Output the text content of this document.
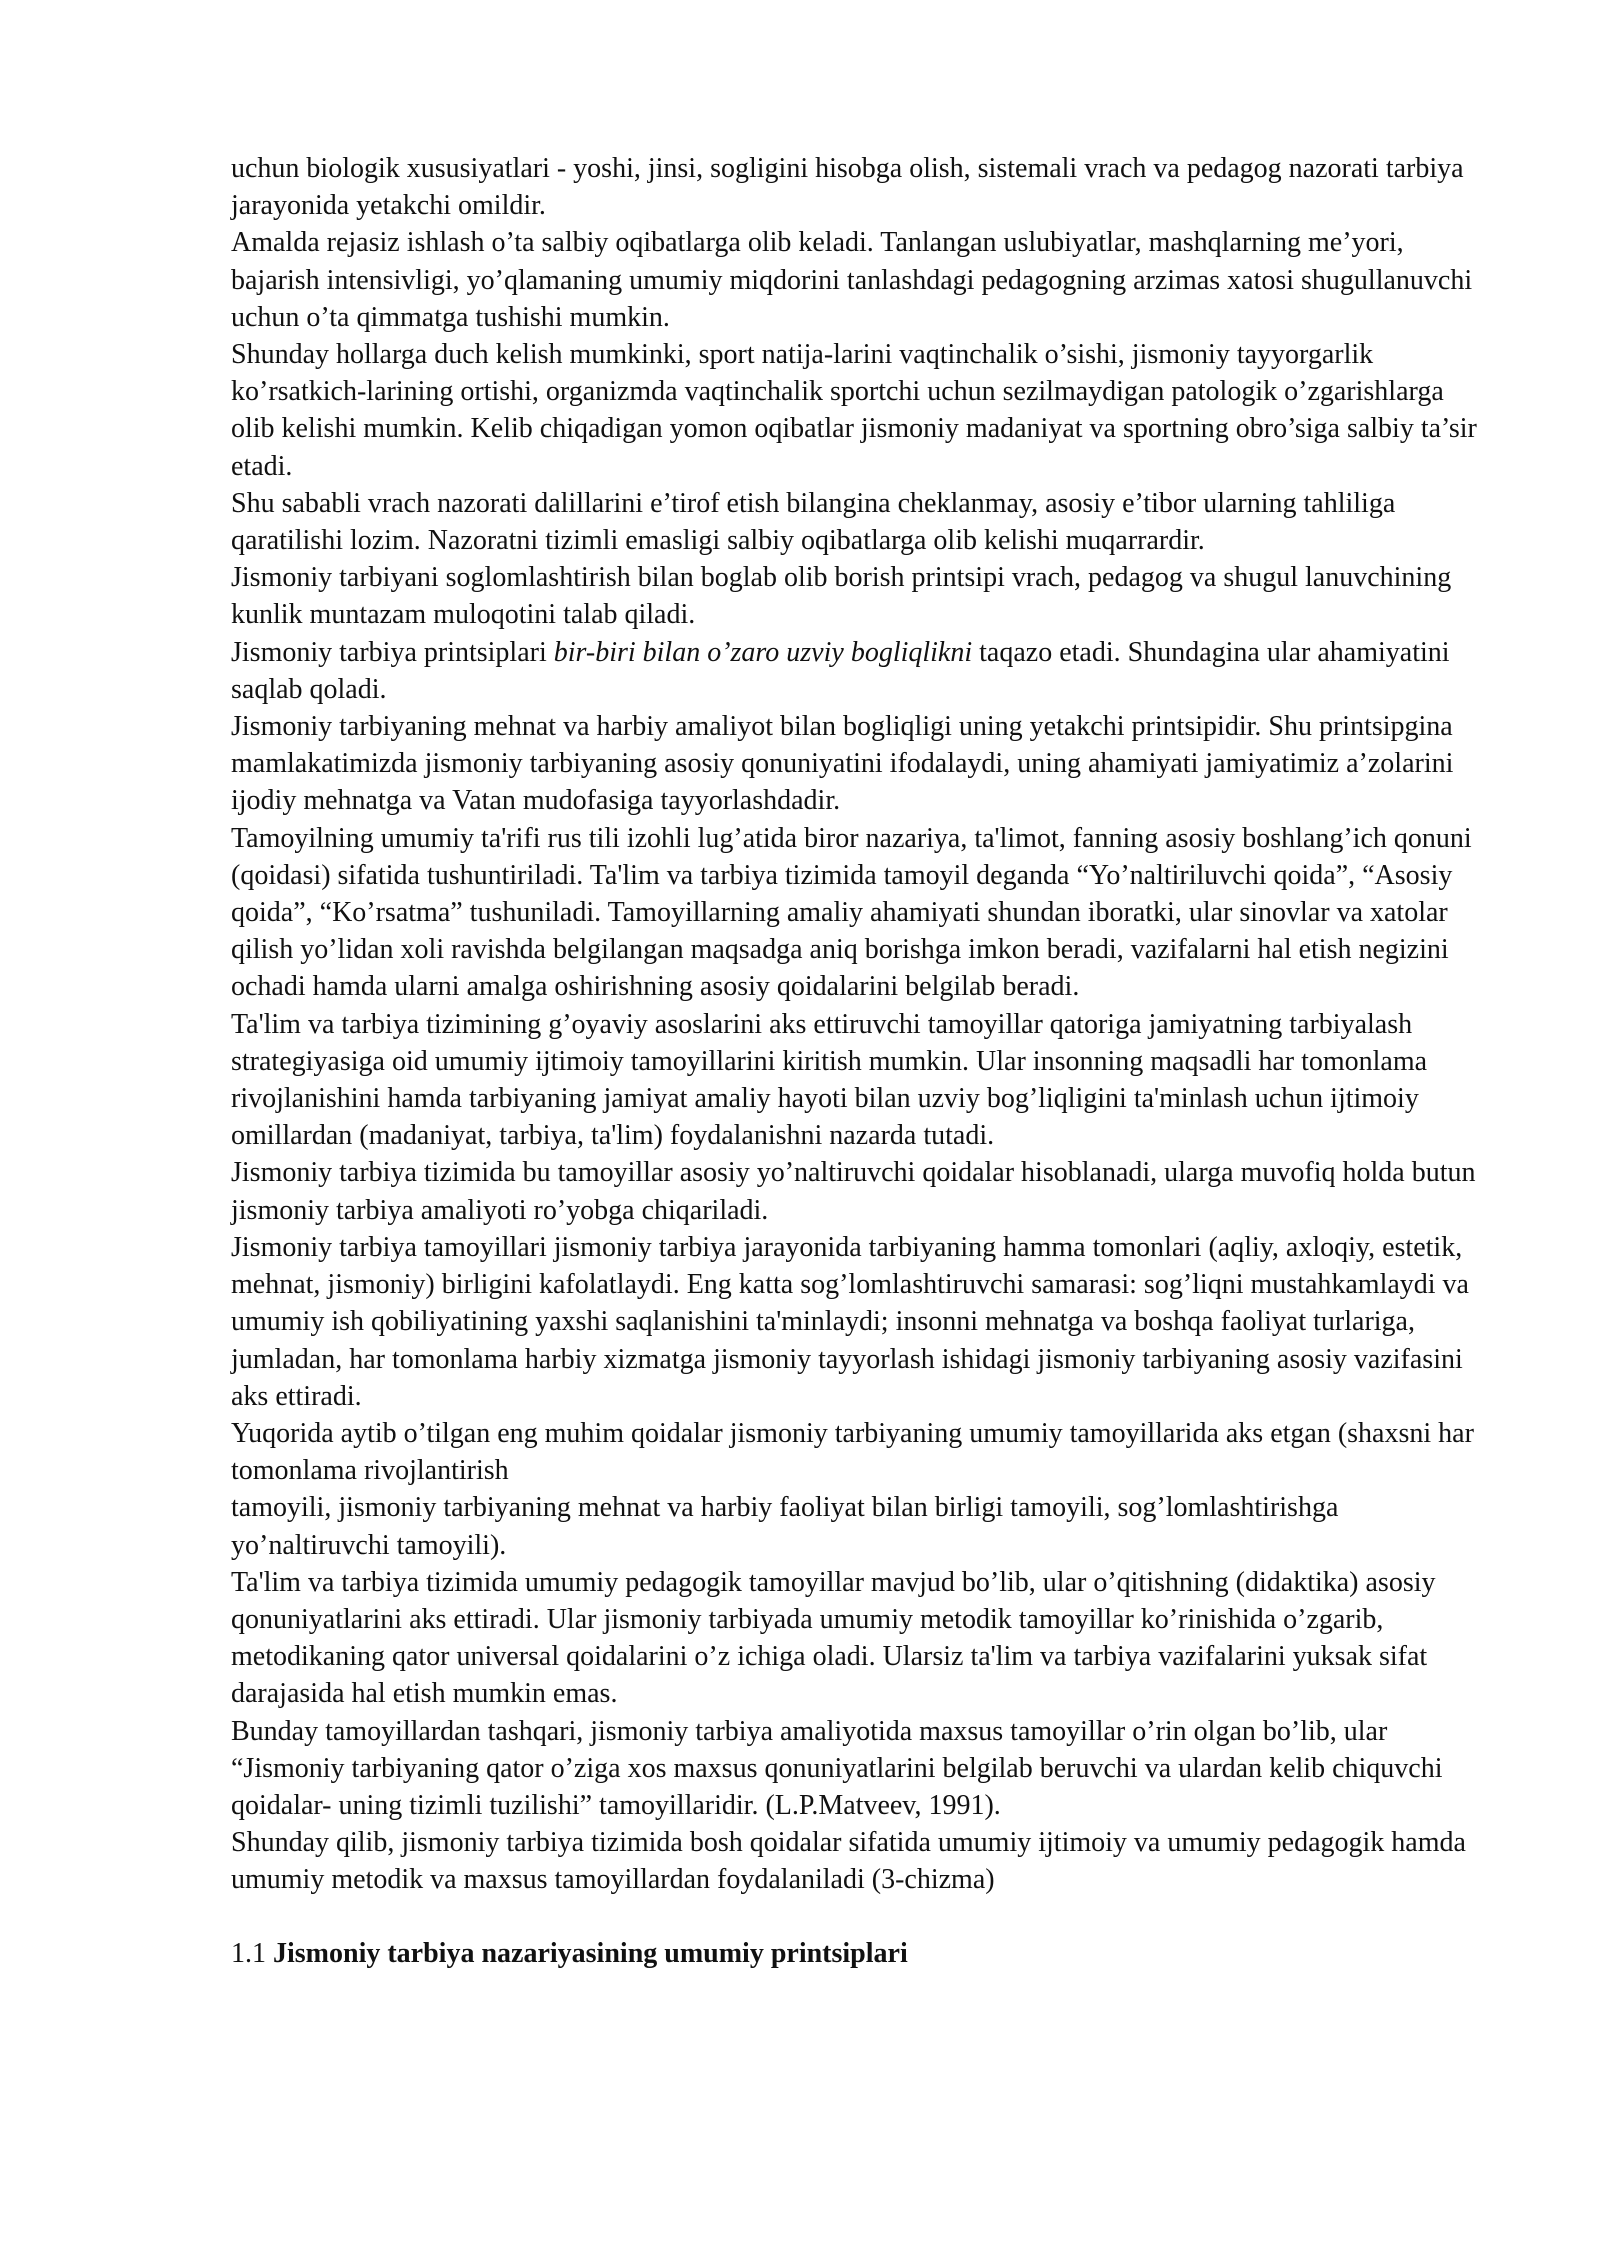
uchun biologik xususiyatlari - yoshi, jinsi, sogligini hisobga olish, sistemali vrach va pedagog nazorati tarbiya jarayonida yetakchi omildir.

Amalda rejasiz ishlash o’ta salbiy oqibatlarga olib keladi. Tanlangan uslubiyatlar, mashqlarning me’yori, bajarish intensivligi, yo’qlamaning umumiy miqdorini tanlashdagi pedagogning arzimas xatosi shugullanuvchi uchun o’ta qimmatga tushishi mumkin.

Shunday hollarga duch kelish mumkinki, sport natija-larini vaqtinchalik o’sishi, jismoniy tayyorgarlik ko’rsatkich-larining ortishi, organizmda vaqtinchalik sportchi uchun sezilmaydigan patologik o’zgarishlarga olib kelishi mumkin. Kelib chiqadigan yomon oqibatlar jismoniy madaniyat va sportning obro’siga salbiy ta’sir etadi.

Shu sababli vrach nazorati dalillarini e’tirof etish bilangina cheklanmay, asosiy e’tibor ularning tahliliga qaratilishi lozim. Nazoratni tizimli emasligi salbiy oqibatlarga olib kelishi muqarrardir.

Jismoniy tarbiyani soglomlashtirish bilan boglab olib borish printsipi vrach, pedagog va shugul lanuvchining kunlik muntazam muloqotini talab qiladi.

Jismoniy tarbiya printsiplari bir-biri bilan o’zaro uzviy bogliqlikni taqazo etadi. Shundagina ular ahamiyatini saqlab qoladi.

Jismoniy tarbiyaning mehnat va harbiy amaliyot bilan bogliqligi uning yetakchi printsipidir. Shu printsipgina mamlakatimizda jismoniy tarbiyaning asosiy qonuniyatini ifodalaydi, uning ahamiyati jamiyatimiz a’zolarini ijodiy mehnatga va Vatan mudofasiga tayyorlashdadir.

Tamoyilning umumiy ta'rifi rus tili izohli lug’atida biror nazariya, ta'limot, fanning asosiy boshlang’ich qonuni (qoidasi) sifatida tushuntiriladi. Ta'lim va tarbiya tizimida tamoyil deganda “Yo’naltiriluvchi qoida”, “Asosiy qoida”, “Ko’rsatma” tushuniladi. Tamoyillarning amaliy ahamiyati shundan iboratki, ular sinovlar va xatolar qilish yo’lidan xoli ravishda belgilangan maqsadga aniq borishga imkon beradi, vazifalarni hal etish negizini ochadi hamda ularni amalga oshirishning asosiy qoidalarini belgilab beradi.

Ta'lim va tarbiya tizimining g’oyaviy asoslarini aks ettiruvchi tamoyillar qatoriga jamiyatning tarbiyalash strategiyasiga oid umumiy ijtimoiy tamoyillarini kiritish mumkin. Ular insonning maqsadli har tomonlama rivojlanishini hamda tarbiyaning jamiyat amaliy hayoti bilan uzviy bog’liqligini ta'minlash uchun ijtimoiy omillardan (madaniyat, tarbiya, ta'lim) foydalanishni nazarda tutadi.

Jismoniy tarbiya tizimida bu tamoyillar asosiy yo’naltiruvchi qoidalar hisoblanadi, ularga muvofiq holda butun jismoniy tarbiya amaliyoti ro’yobga chiqariladi.

Jismoniy tarbiya tamoyillari jismoniy tarbiya jarayonida tarbiyaning hamma tomonlari (aqliy, axloqiy, estetik, mehnat, jismoniy) birligini kafolatlaydi. Eng katta sog’lomlashtiruvchi samarasi: sog’liqni mustahkamlaydi va umumiy ish qobiliyatining yaxshi saqlanishini ta'minlaydi; insonni mehnatga va boshqa faoliyat turlariga, jumladan, har tomonlama harbiy xizmatga jismoniy tayyorlash ishidagi jismoniy tarbiyaning asosiy vazifasini aks ettiradi.

Yuqorida aytib o’tilgan eng muhim qoidalar jismoniy tarbiyaning umumiy tamoyillarida aks etgan (shaxsni har tomonlama rivojlantirish

tamoyili, jismoniy tarbiyaning mehnat va harbiy faoliyat bilan birligi tamoyili, sog’lomlashtirishga yo’naltiruvchi tamoyili).

Ta'lim va tarbiya tizimida umumiy pedagogik tamoyillar mavjud bo’lib, ular o’qitishning (didaktika) asosiy qonuniyatlarini aks ettiradi. Ular jismoniy tarbiyada umumiy metodik tamoyillar ko’rinishida o’zgarib, metodikaning qator universal qoidalarini o’z ichiga oladi. Ularsiz ta'lim va tarbiya vazifalarini yuksak sifat darajasida hal etish mumkin emas.

Bunday tamoyillardan tashqari, jismoniy tarbiya amaliyotida maxsus tamoyillar o’rin olgan bo’lib, ular “Jismoniy tarbiyaning qator o’ziga xos maxsus qonuniyatlarini belgilab beruvchi va ulardan kelib chiquvchi qoidalar- uning tizimli tuzilishi” tamoyillaridir. (L.P.Matveev, 1991).

Shunday qilib, jismoniy tarbiya tizimida bosh qoidalar sifatida umumiy ijtimoiy va umumiy pedagogik hamda umumiy metodik va maxsus tamoyillardan foydalaniladi (3-chizma)

1.1 Jismoniy tarbiya nazariyasining umumiy printsiplari
